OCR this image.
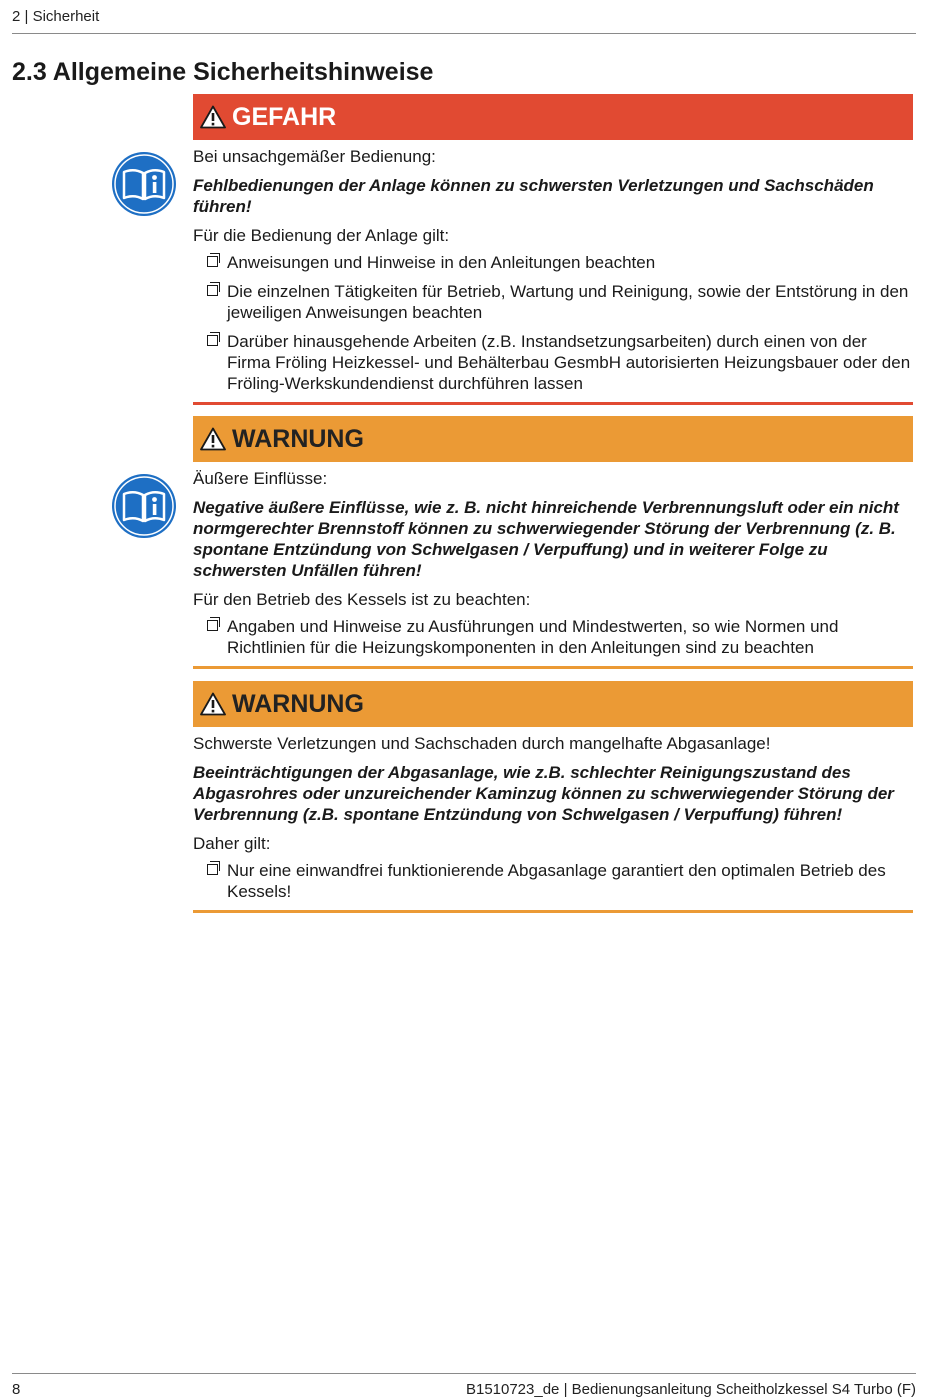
2 | Sicherheit
2.3 Allgemeine Sicherheitshinweise
GEFAHR
Bei unsachgemäßer Bedienung:
Fehlbedienungen der Anlage können zu schwersten Verletzungen und Sachschäden führen!
Für die Bedienung der Anlage gilt:
Anweisungen und Hinweise in den Anleitungen beachten
Die einzelnen Tätigkeiten für Betrieb, Wartung und Reinigung, sowie der Entstörung in den jeweiligen Anweisungen beachten
Darüber hinausgehende Arbeiten (z.B. Instandsetzungsarbeiten) durch einen von der Firma Fröling Heizkessel- und Behälterbau GesmbH autorisierten Heizungsbauer oder den Fröling-Werkskundendienst durchführen lassen
WARNUNG
Äußere Einflüsse:
Negative äußere Einflüsse, wie z. B. nicht hinreichende Verbrennungsluft oder ein nicht normgerechter Brennstoff können zu schwerwiegender Störung der Verbrennung (z. B. spontane Entzündung von Schwelgasen / Verpuffung) und in weiterer Folge zu schwersten Unfällen führen!
Für den Betrieb des Kessels ist zu beachten:
Angaben und Hinweise zu Ausführungen und Mindestwerten, so wie Normen und Richtlinien für die Heizungskomponenten in den Anleitungen sind zu beachten
WARNUNG
Schwerste Verletzungen und Sachschaden durch mangelhafte Abgasanlage!
Beeinträchtigungen der Abgasanlage, wie z.B. schlechter Reinigungszustand des Abgasrohres oder unzureichender Kaminzug können zu schwerwiegender Störung der Verbrennung (z.B. spontane Entzündung von Schwelgasen / Verpuffung) führen!
Daher gilt:
Nur eine einwandfrei funktionierende Abgasanlage garantiert den optimalen Betrieb des Kessels!
8	B1510723_de | Bedienungsanleitung Scheitholzkessel S4 Turbo (F)
